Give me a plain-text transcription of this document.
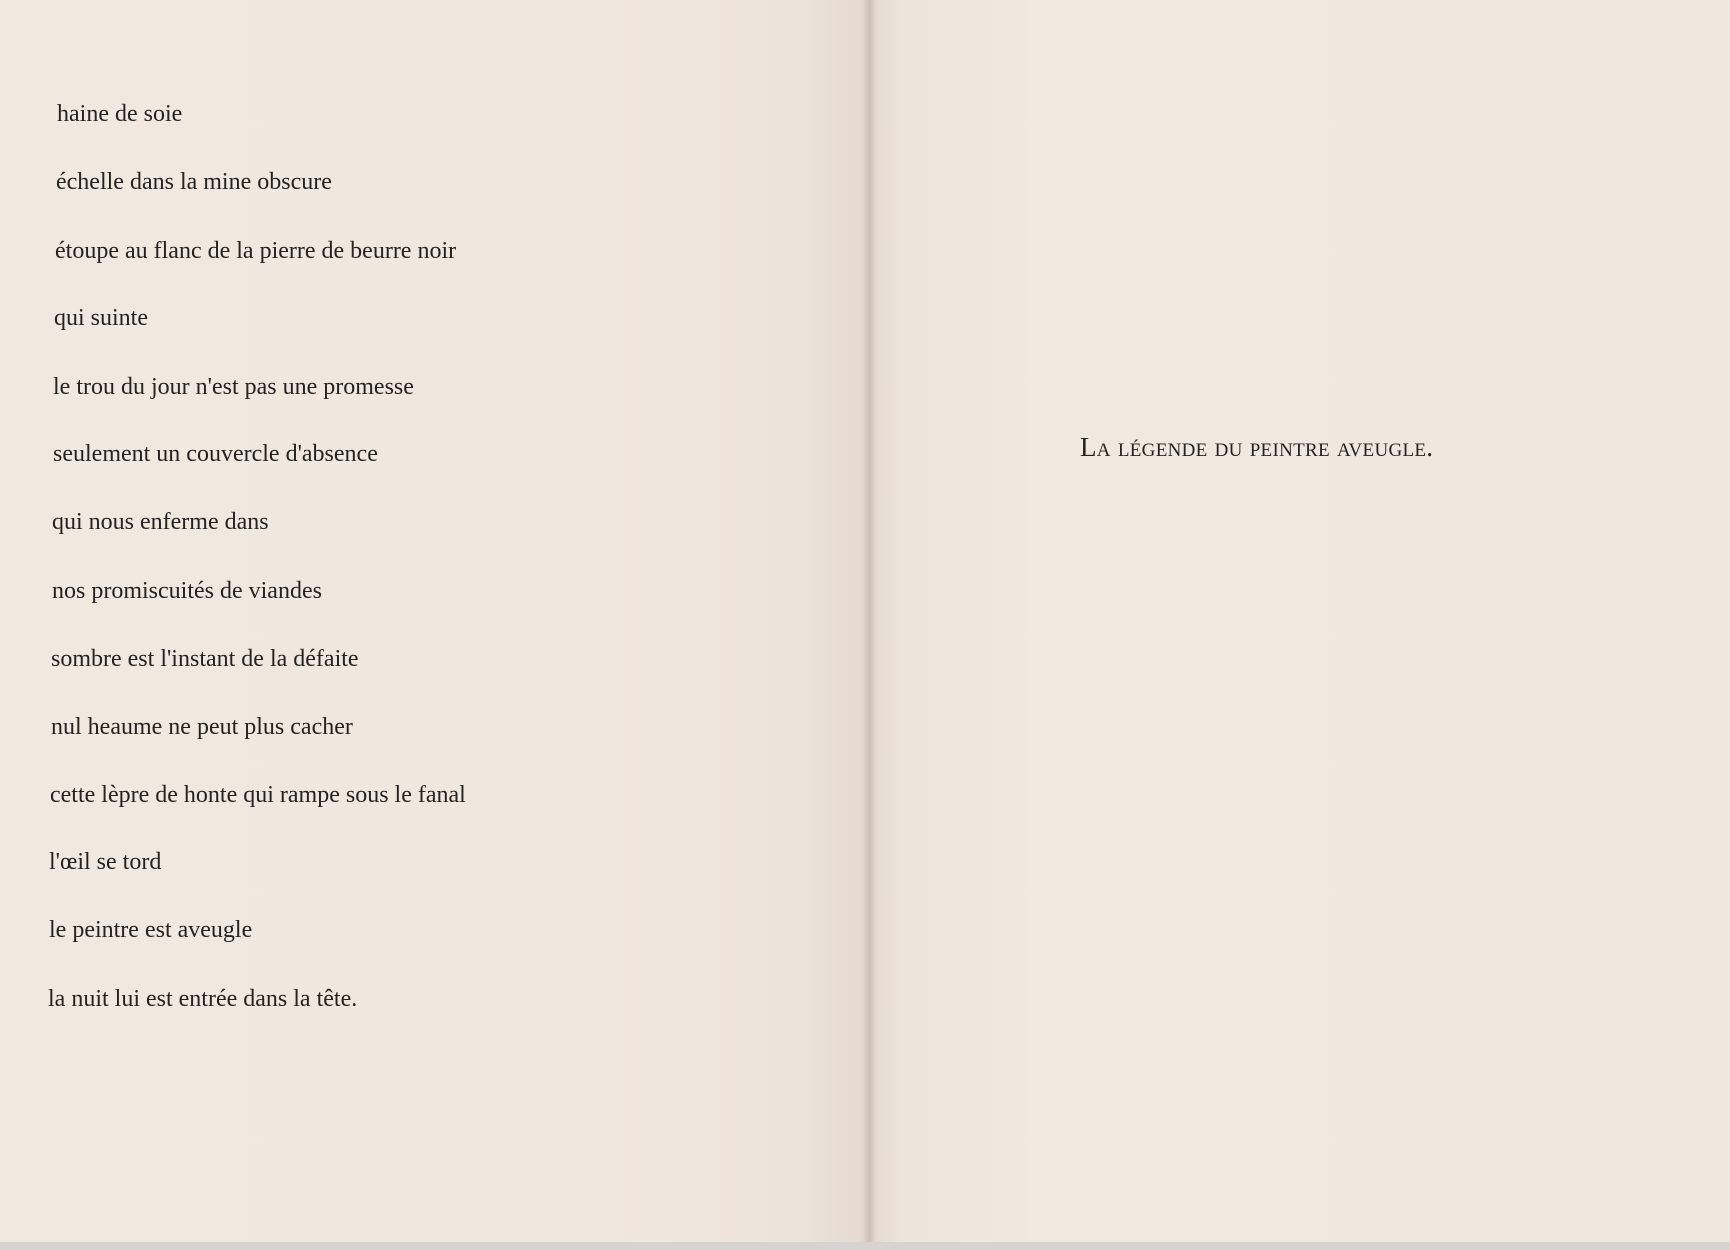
haine de soie

échelle dans la mine obscure

étoupe au flanc de la pierre de beurre noir

qui suinte

le trou du jour n'est pas une promesse

seulement un couvercle d'absence

qui nous enferme dans

nos promiscuités de viandes

sombre est l'instant de la défaite

nul heaume ne peut plus cacher

cette lèpre de honte qui rampe sous le fanal

l'œil se tord

le peintre est aveugle

la nuit lui est entrée dans la tête.

La légende du peintre aveugle.
